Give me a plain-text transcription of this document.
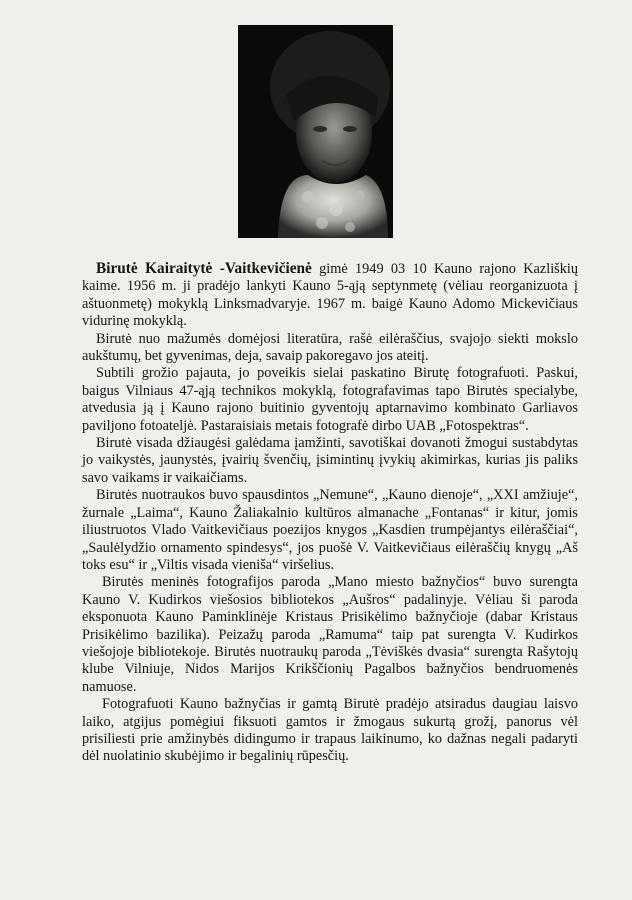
Birutė Kairaitytė -Vaitkevičienė gimė 1949 03 10 Kauno rajono Kazliškių kaime. 1956 m. ji pradėjo lankyti Kauno 5-ąją septynmetę (vėliau reorganizuota į aštuonmetę) mokyklą Linksmadvaryje. 1967 m. baigė Kauno Adomo Mickevičiaus vidurinę mokyklą.

Birutė nuo mažumės domėjosi literatūra, rašė eilėraščius, svajojo siekti mokslo aukštumų, bet gyvenimas, deja, savaip pakoregavo jos ateitį.

Subtili grožio pajauta, jo poveikis sielai paskatino Birutę fotografuoti. Paskui, baigus Vilniaus 47-ąją technikos mokyklą, fotografavimas tapo Birutės specialybe, atvedusia ją į Kauno rajono buitinio gyventojų aptarnavimo kombinato Garliavos paviljono fotoateljė. Pastaraisiais metais fotografė dirbo UAB „Fotospektras“.

Birutė visada džiaugėsi galėdama įamžinti, savotiškai dovanoti žmogui sustabdytas jo vaikystės, jaunystės, įvairių švenčių, įsimintinų įvykių akimirkas, kurias jis paliks savo vaikams ir vaikaičiams.

Birutės nuotraukos buvo spausdintos „Nemune“, „Kauno dienoje“, „XXI amžiuje“, žurnale „Laima“, Kauno Žaliakalnio kultūros almanache „Fontanas“ ir kitur, jomis iliustruotos Vlado Vaitkevičiaus poezijos knygos „Kasdien trumpėjantys eilėraščiai“, „Saulėlydžio ornamento spindesys“, jos puošė V. Vaitkevičiaus eilėraščių knygų „Aš toks esu“ ir „Viltis visada vieniša“ viršelius.

Birutės meninės fotografijos paroda „Mano miesto bažnyčios“ buvo surengta Kauno V. Kudirkos viešosios bibliotekos „Aušros“ padalinyje. Vėliau ši paroda eksponuota Kauno Paminklinėje Kristaus Prisikėlimo bažnyčioje (dabar Kristaus Prisikėlimo bazilika). Peizažų paroda „Ramuma“ taip pat surengta V. Kudirkos viešojoje bibliotekoje. Birutės nuotraukų paroda „Tėviškės dvasia“ surengta Rašytojų klube Vilniuje, Nidos Marijos Krikščionių Pagalbos bažnyčios bendruomenės namuose.

Fotografuoti Kauno bažnyčias ir gamtą Birutė pradėjo atsiradus daugiau laisvo laiko, atgijus pomėgiui fiksuoti gamtos ir žmogaus sukurtą grožį, panorus vėl prisiliesti prie amžinybės didingumo ir trapaus laikinumo, ko dažnas negali padaryti dėl nuolatinio skubėjimo ir begalinių rūpesčių.
